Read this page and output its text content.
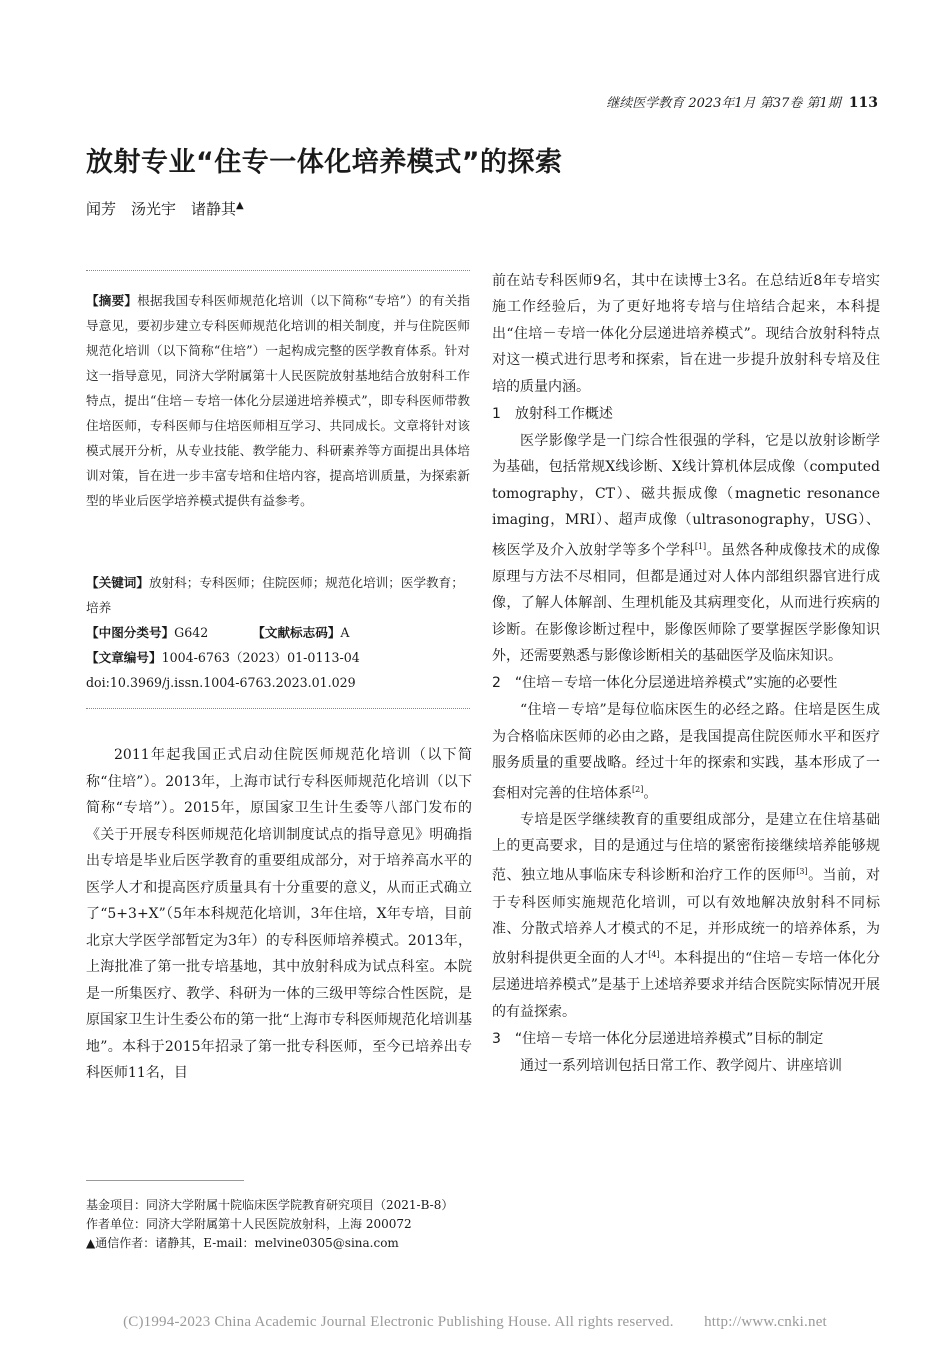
继续医学教育 2023年1月 第37卷 第1期 113
放射专业“住专一体化培养模式”的探索
闻芳　汤光宇　诸静其▲
【摘要】根据我国专科医师规范化培训（以下简称“专培”）的有关指导意见，要初步建立专科医师规范化培训的相关制度，并与住院医师规范化培训（以下简称“住培”）一起构成完整的医学教育体系。针对这一指导意见，同济大学附属第十人民医院放射基地结合放射科工作特点，提出“住培－专培一体化分层递进培养模式”，即专科医师带教住培医师，专科医师与住培医师相互学习、共同成长。文章将针对该模式展开分析，从专业技能、教学能力、科研素养等方面提出具体培训对策，旨在进一步丰富专培和住培内容，提高培训质量，为探索新型的毕业后医学培养模式提供有益参考。
【关键词】放射科；专科医师；住院医师；规范化培训；医学教育；培养
【中图分类号】G642	【文献标志码】A
【文章编号】1004-6763（2023）01-0113-04
doi:10.3969/j.issn.1004-6763.2023.01.029

2011年起我国正式启动住院医师规范化培训（以下简称“住培”）。2013年，上海市试行专科医师规范化培训（以下简称“专培”）。2015年，原国家卫生计生委等八部门发布的《关于开展专科医师规范化培训制度试点的指导意见》明确指出专培是毕业后医学教育的重要组成部分，对于培养高水平的医学人才和提高医疗质量具有十分重要的意义，从而正式确立了“5+3+X”（5年本科规范化培训，3年住培，X年专培，目前北京大学医学部暂定为3年）的专科医师培养模式。2013年，上海批准了第一批专培基地，其中放射科成为试点科室。本院是一所集医疗、教学、科研为一体的三级甲等综合性医院，是原国家卫生计生委公布的第一批“上海市专科医师规范化培训基地”。本科于2015年招录了第一批专科医师，至今已培养出专科医师11名，目

基金项目：同济大学附属十院临床医学院教育研究项目（2021-B-8）
作者单位：同济大学附属第十人民医院放射科，上海 200072
▲通信作者：诸静其，E-mail：melvine0305@sina.com

前在站专科医师9名，其中在读博士3名。在总结近8年专培实施工作经验后，为了更好地将专培与住培结合起来，本科提出“住培－专培一体化分层递进培养模式”。现结合放射科特点对这一模式进行思考和探索，旨在进一步提升放射科专培及住培的质量内涵。

1　放射科工作概述

医学影像学是一门综合性很强的学科，它是以放射诊断学为基础，包括常规X线诊断、X线计算机体层成像（computed tomography，CT）、磁共振成像（magnetic resonance imaging，MRI）、超声成像（ultrasonography，USG）、核医学及介入放射学等多个学科[1]。虽然各种成像技术的成像原理与方法不尽相同，但都是通过对人体内部组织器官进行成像，了解人体解剖、生理机能及其病理变化，从而进行疾病的诊断。在影像诊断过程中，影像医师除了要掌握医学影像知识外，还需要熟悉与影像诊断相关的基础医学及临床知识。

2　“住培－专培一体化分层递进培养模式”实施的必要性

“住培－专培”是每位临床医生的必经之路。住培是医生成为合格临床医师的必由之路，是我国提高住院医师水平和医疗服务质量的重要战略。经过十年的探索和实践，基本形成了一套相对完善的住培体系[2]。

专培是医学继续教育的重要组成部分，是建立在住培基础上的更高要求，目的是通过与住培的紧密衔接继续培养能够规范、独立地从事临床专科诊断和治疗工作的医师[3]。当前，对于专科医师实施规范化培训，可以有效地解决放射科不同标准、分散式培养人才模式的不足，并形成统一的培养体系，为放射科提供更全面的人才[4]。本科提出的“住培－专培一体化分层递进培养模式”是基于上述培养要求并结合医院实际情况开展的有益探索。

3　“住培－专培一体化分层递进培养模式”目标的制定

通过一系列培训包括日常工作、教学阅片、讲座培训

(C)1994-2023 China Academic Journal Electronic Publishing House. All rights reserved.　　http://www.cnki.net
